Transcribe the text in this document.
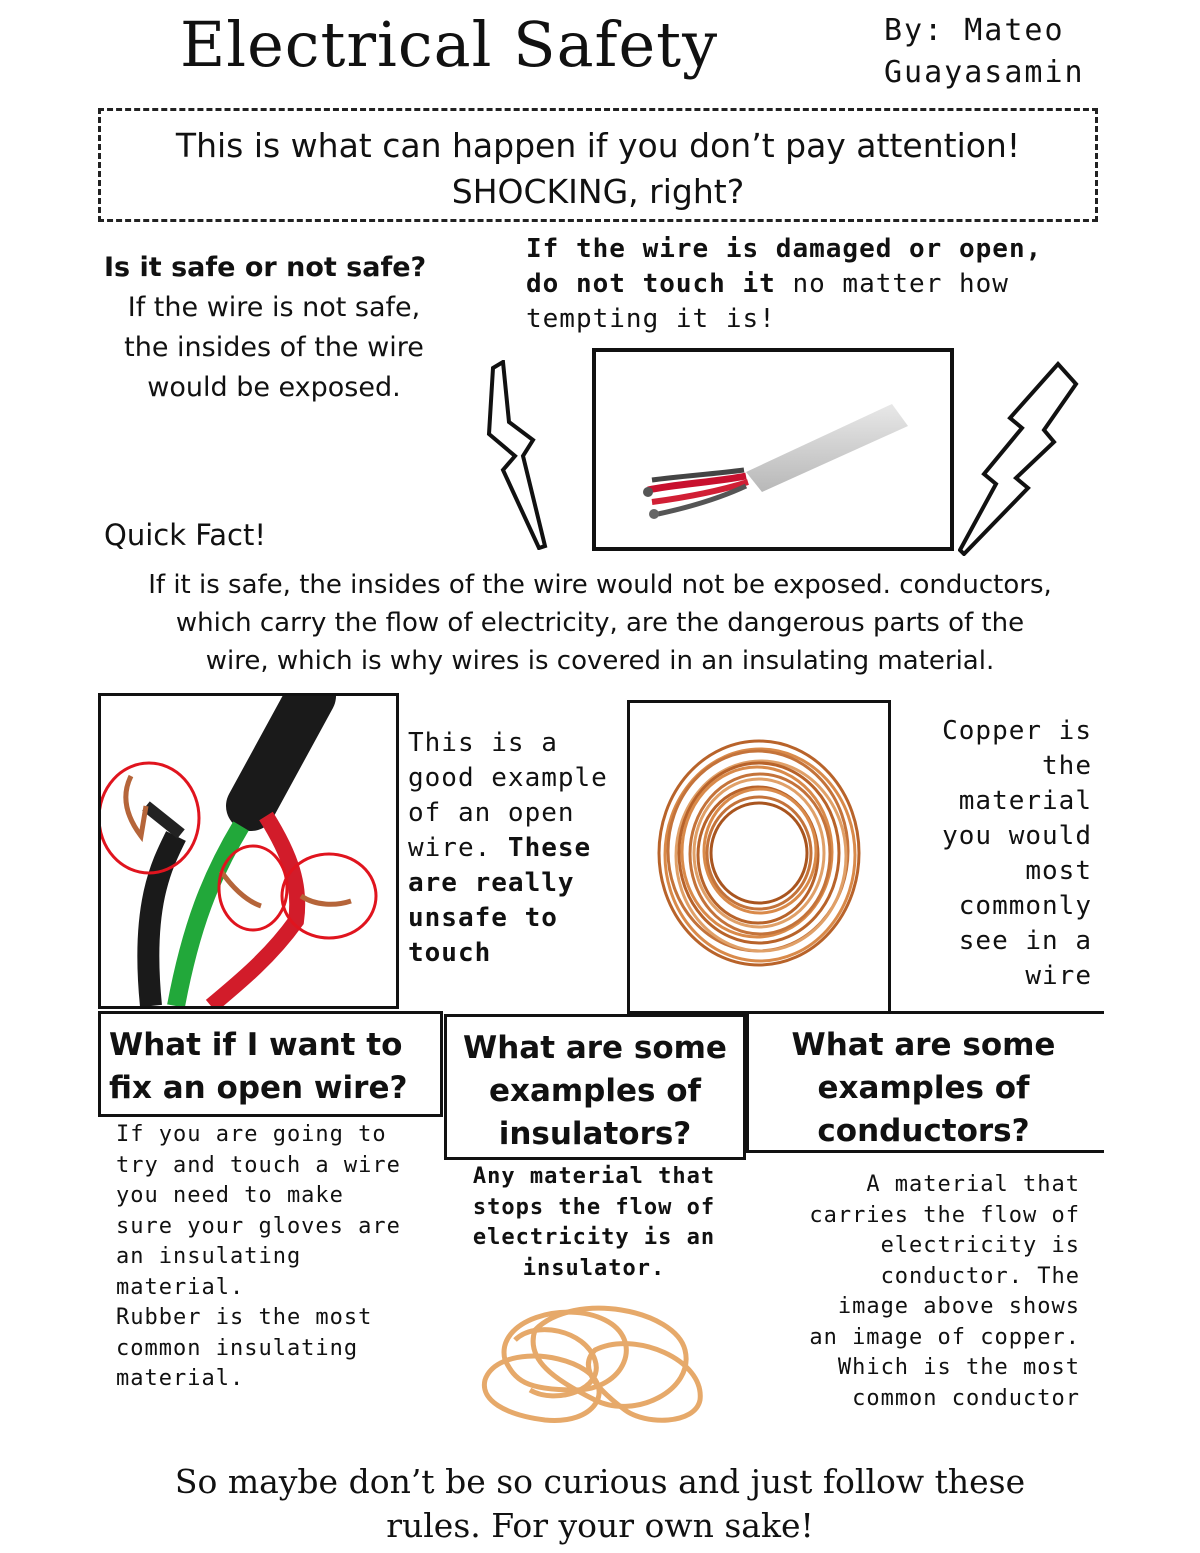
Electrical Safety	By: Mateo
Guayasamin
This is what can happen if you don’t pay attention!
SHOCKING, right?
Is it safe or not safe?
If the wire is not safe,
the insides of the wire
would be exposed.
If the wire is damaged or open,
do not touch it no matter how
tempting it is!
Quick Fact!
If it is safe, the insides of the wire would not be exposed. conductors,
which carry the flow of electricity, are the dangerous parts of the
wire, which is why wires is covered in an insulating material.
This is a
good example
of an open
wire. These
are really
unsafe to
touch
Copper is
the
material
you would
most
commonly
see in a
wire
What if I want to
fix an open wire?
If you are going to
try and touch a wire
you need to make
sure your gloves are
an insulating
material.
Rubber is the most
common insulating
material.
What are some
examples of
insulators?
Any material that
stops the flow of
electricity is an
insulator.
What are some
examples of
conductors?
A material that
carries the flow of
electricity is
conductor. The
image above shows
an image of copper.
Which is the most
common conductor
So maybe don’t be so curious and just follow these
rules. For your own sake!
